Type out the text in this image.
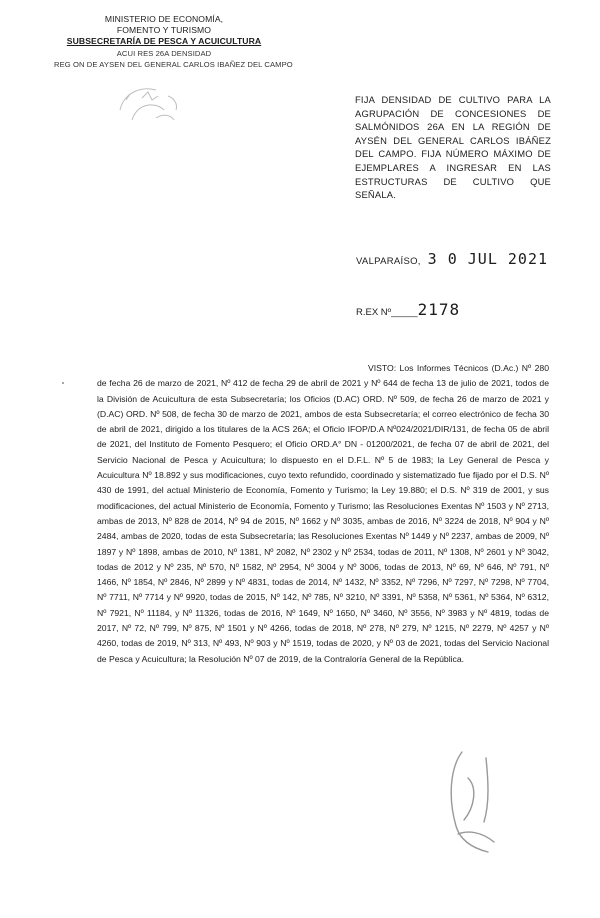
MINISTERIO DE ECONOMÍA,
FOMENTO Y TURISMO
SUBSECRETARÍA DE PESCA Y ACUICULTURA
ACUI RES 26A DENSIDAD
REG ON DE AYSEN DEL GENERAL CARLOS IBAÑEZ DEL CAMPO
FIJA DENSIDAD DE CULTIVO PARA LA AGRUPACIÓN DE CONCESIONES DE SALMÓNIDOS 26A EN LA REGIÓN DE AYSÉN DEL GENERAL CARLOS IBÁÑEZ DEL CAMPO. FIJA NÚMERO MÁXIMO DE EJEMPLARES A INGRESAR EN LAS ESTRUCTURAS DE CULTIVO QUE SEÑALA.
VALPARAÍSO, 3 0 JUL 2021
R.EX Nº_____2178
VISTO: Los Informes Técnicos (D.Ac.) Nº 280 de fecha 26 de marzo de 2021, Nº 412 de fecha 29 de abril de 2021 y Nº 644 de fecha 13 de julio de 2021, todos de la División de Acuicultura de esta Subsecretaría; los Oficios (D.AC) ORD. Nº 509, de fecha 26 de marzo de 2021 y (D.AC) ORD. Nº 508, de fecha 30 de marzo de 2021, ambos de esta Subsecretaría; el correo electrónico de fecha 30 de abril de 2021, dirigido a los titulares de la ACS 26A; el Oficio IFOP/D.A Nº024/2021/DIR/131, de fecha 05 de abril de 2021, del Instituto de Fomento Pesquero; el Oficio ORD.A° DN - 01200/2021, de fecha 07 de abril de 2021, del Servicio Nacional de Pesca y Acuicultura; lo dispuesto en el D.F.L. Nº 5 de 1983; la Ley General de Pesca y Acuicultura Nº 18.892 y sus modificaciones, cuyo texto refundido, coordinado y sistematizado fue fijado por el D.S. Nº 430 de 1991, del actual Ministerio de Economía, Fomento y Turismo; la Ley 19.880; el D.S. Nº 319 de 2001, y sus modificaciones, del actual Ministerio de Economía, Fomento y Turismo; las Resoluciones Exentas Nº 1503 y Nº 2713, ambas de 2013, Nº 828 de 2014, Nº 94 de 2015, Nº 1662 y Nº 3035, ambas de 2016, Nº 3224 de 2018, Nº 904 y Nº 2484, ambas de 2020, todas de esta Subsecretaría; las Resoluciones Exentas Nº 1449 y Nº 2237, ambas de 2009, Nº 1897 y Nº 1898, ambas de 2010, Nº 1381, Nº 2082, Nº 2302 y Nº 2534, todas de 2011, Nº 1308, Nº 2601 y Nº 3042, todas de 2012 y Nº 235, Nº 570, Nº 1582, Nº 2954, Nº 3004 y Nº 3006, todas de 2013, Nº 69, Nº 646, Nº 791, Nº 1466, Nº 1854, Nº 2846, Nº 2899 y Nº 4831, todas de 2014, Nº 1432, Nº 3352, Nº 7296, Nº 7297, Nº 7298, Nº 7704, Nº 7711, Nº 7714 y Nº 9920, todas de 2015, Nº 142, Nº 785, Nº 3210, Nº 3391, Nº 5358, Nº 5361, Nº 5364, Nº 6312, Nº 7921, Nº 11184, y Nº 11326, todas de 2016, Nº 1649, Nº 1650, Nº 3460, Nº 3556, Nº 3983 y Nº 4819, todas de 2017, Nº 72, Nº 799, Nº 875, Nº 1501 y Nº 4266, todas de 2018, Nº 278, Nº 279, Nº 1215, Nº 2279, Nº 4257 y Nº 4260, todas de 2019, Nº 313, Nº 493, Nº 903 y Nº 1519, todas de 2020, y Nº 03 de 2021, todas del Servicio Nacional de Pesca y Acuicultura; la Resolución Nº 07 de 2019, de la Contraloría General de la República.
